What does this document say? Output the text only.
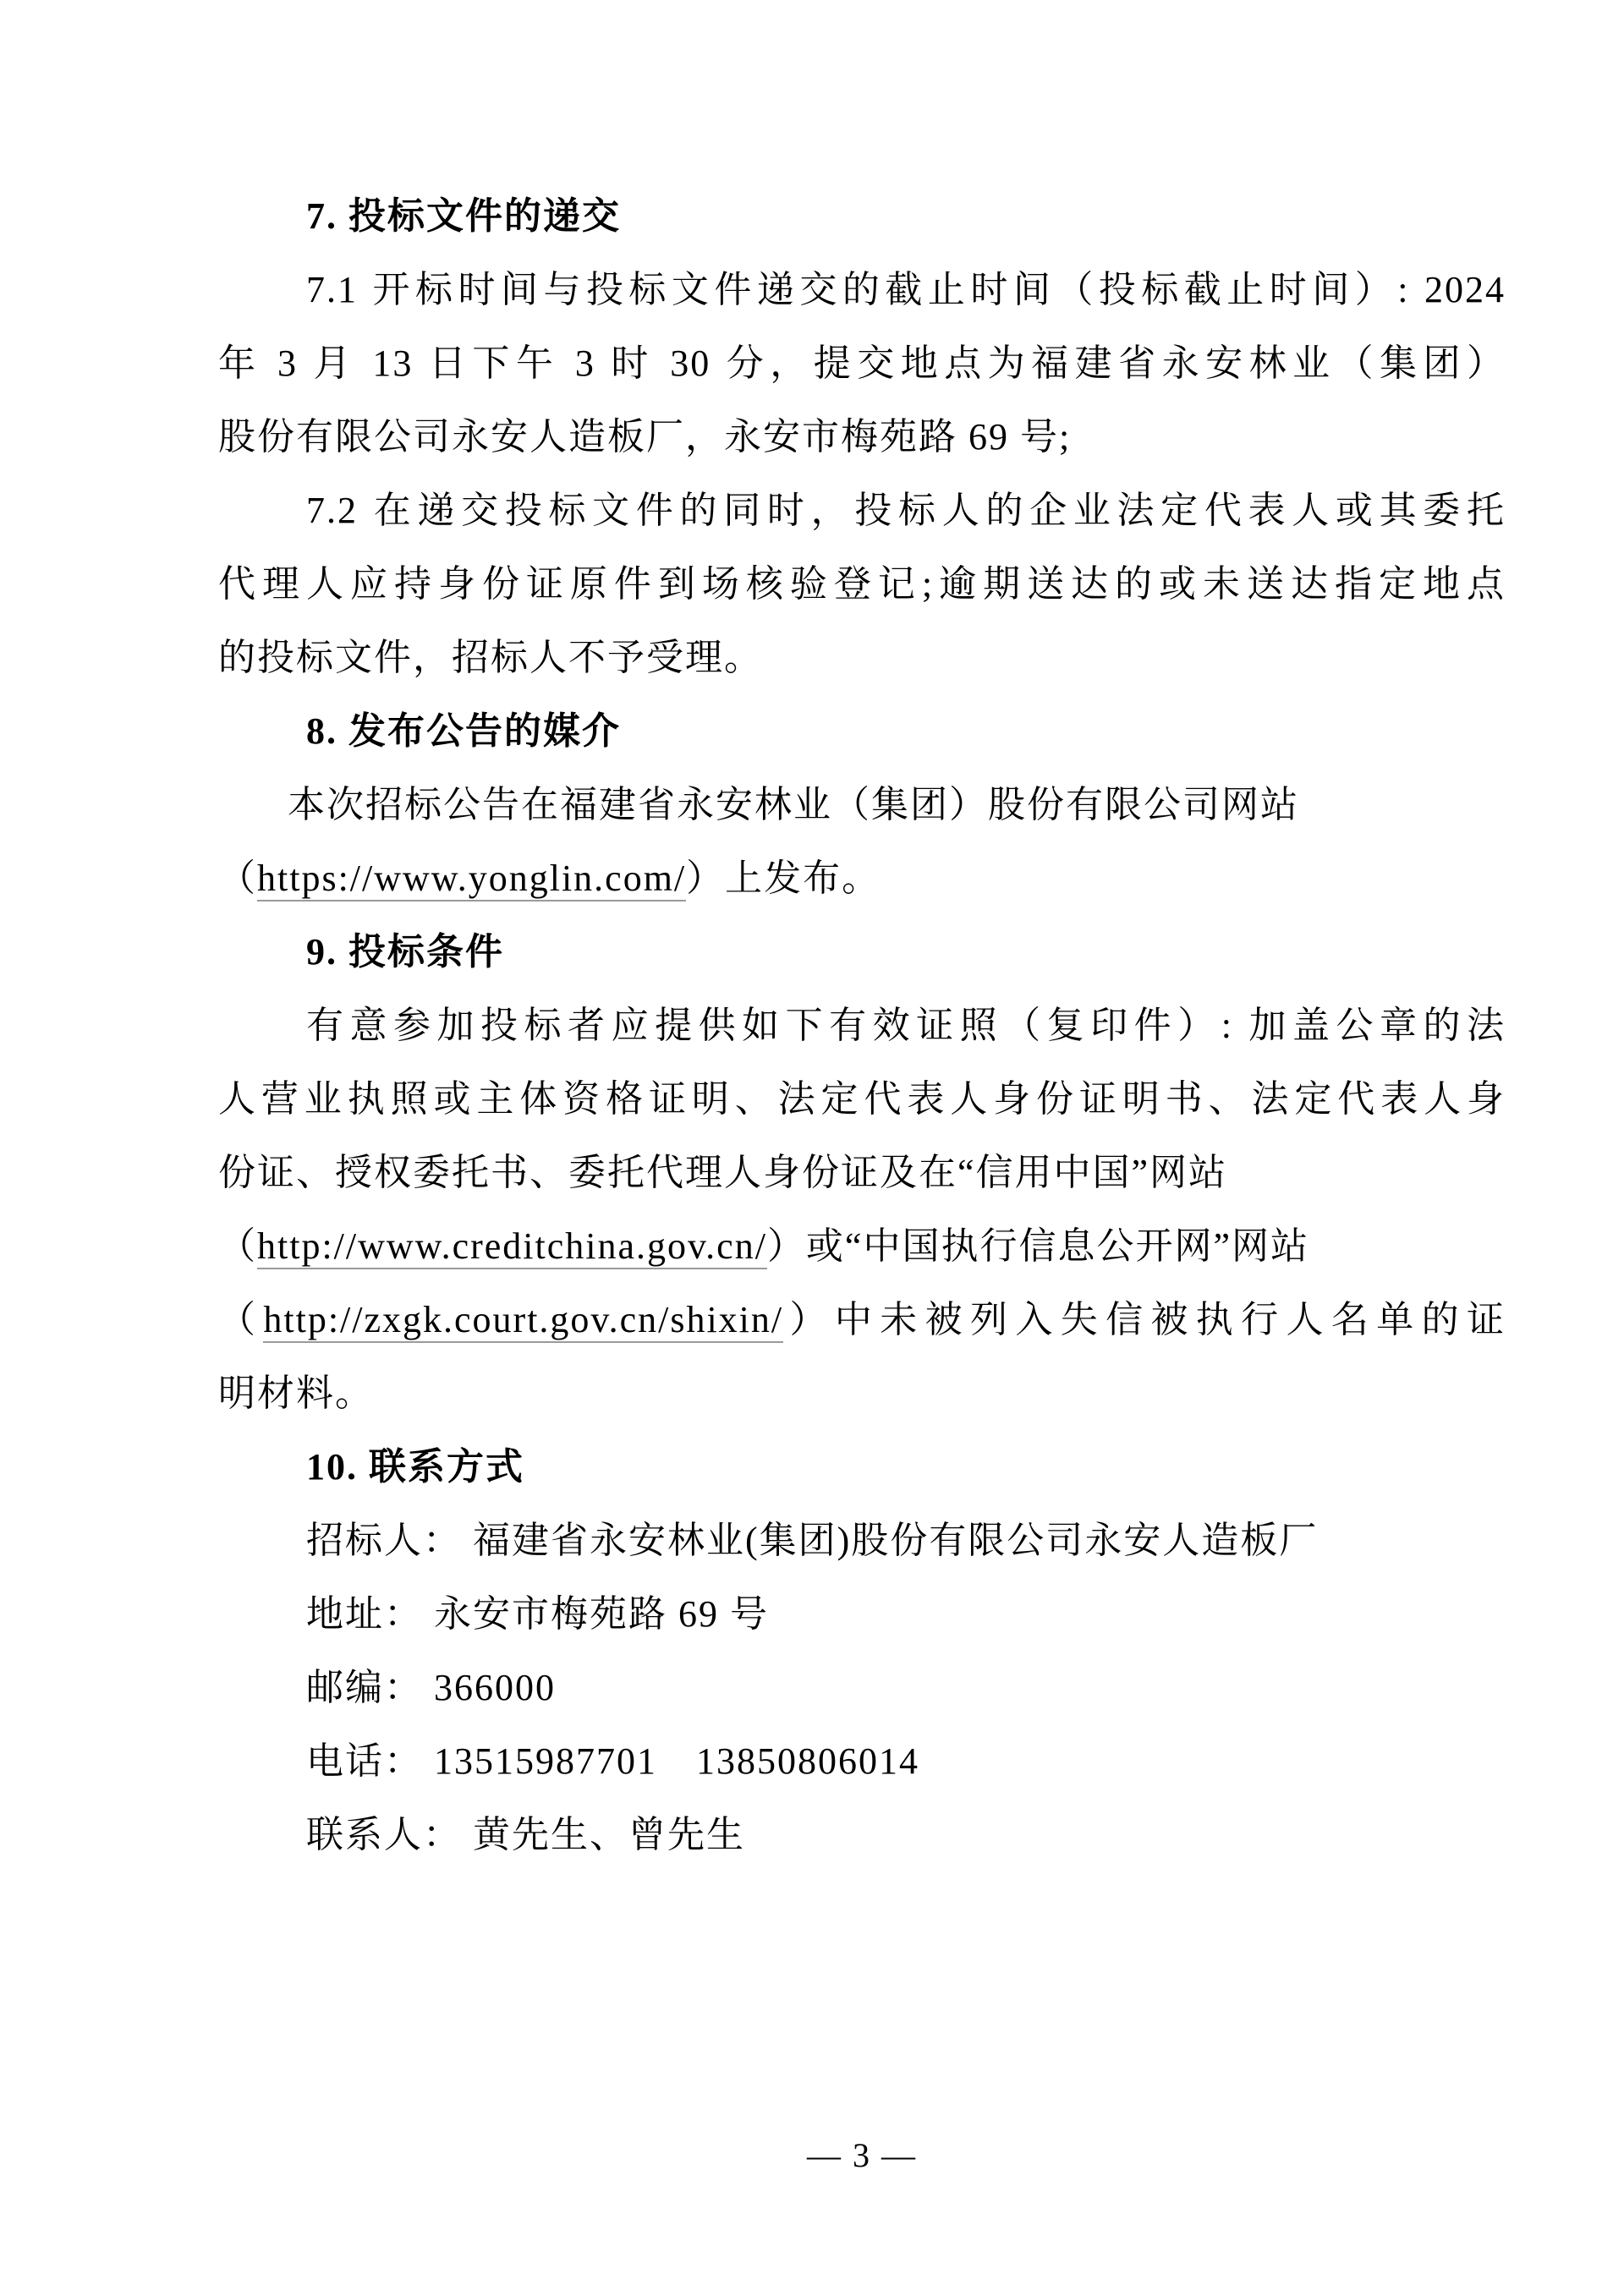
7. 投标文件的递交
7.1 开标时间与投标文件递交的截止时间（投标截止时间）: 2024
年 3 月 13 日下午 3 时 30 分，提交地点为福建省永安林业（集团）
股份有限公司永安人造板厂，永安市梅苑路 69 号;
7.2 在递交投标文件的同时，投标人的企业法定代表人或其委托
代理人应持身份证原件到场核验登记;逾期送达的或未送达指定地点
的投标文件，招标人不予受理。
8. 发布公告的媒介
本次招标公告在福建省永安林业（集团）股份有限公司网站
（https://www.yonglin.com/）上发布。
9. 投标条件
有意参加投标者应提供如下有效证照（复印件）: 加盖公章的法
人营业执照或主体资格证明、法定代表人身份证明书、法定代表人身
份证、授权委托书、委托代理人身份证及在“信用中国”网站
（http://www.creditchina.gov.cn/）或“中国执行信息公开网”网站
（http://zxgk.court.gov.cn/shixin/）中未被列入失信被执行人名单的证
明材料。
10. 联系方式
招标人： 福建省永安林业(集团)股份有限公司永安人造板厂
地址： 永安市梅苑路 69 号
邮编： 366000
电话： 13515987701　13850806014
联系人： 黄先生、曾先生
— 3 —
